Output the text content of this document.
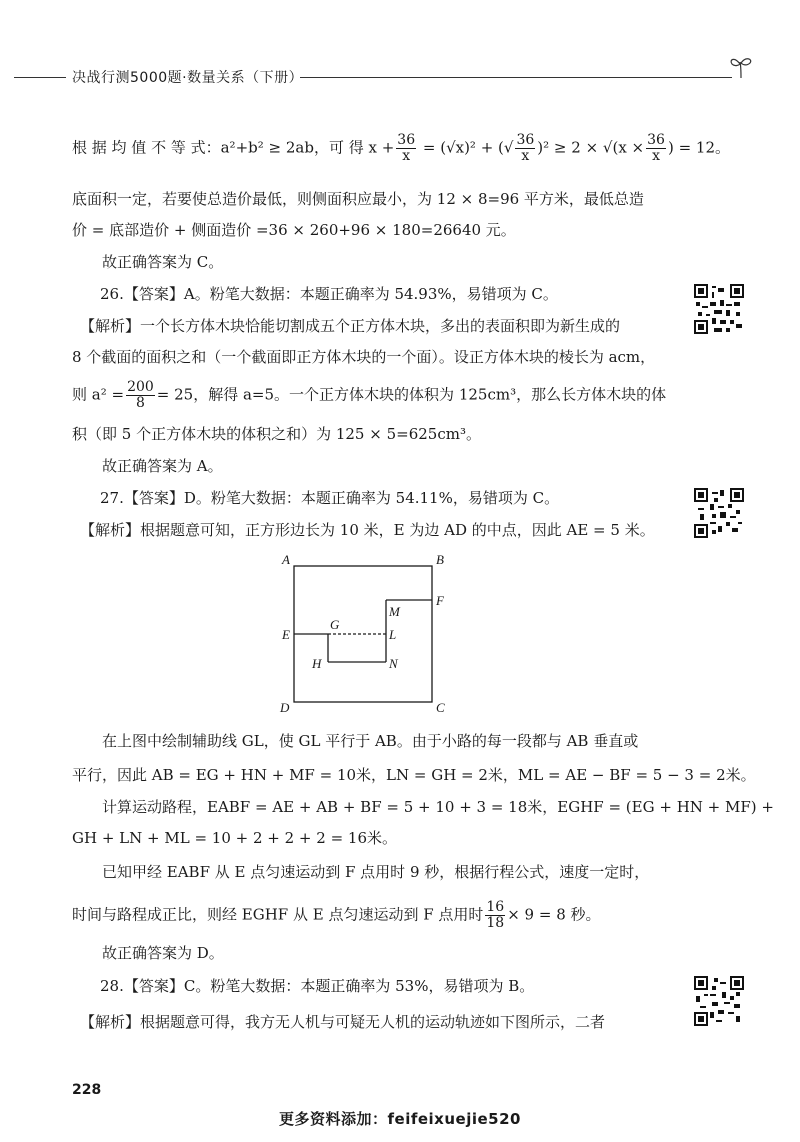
决战行测5000题·数量关系（下册）
根 据 均 值 不 等 式：a²+b² ≥ 2ab，可 得 $x + \frac{36}{x} = (√x)^2$ + (√ $\frac{36}{x} )^2 \ge 2 \times √(x \times \frac{36}{x}$ ) = 12。
底面积一定，若要使总造价最低，则侧面积应最小，为 12 × 8=96 平方米，最低总造
价 = 底部造价 + 侧面造价 =36 × 260+96 × 180=26640 元。
故正确答案为 C。
26.【答案】A。粉笔大数据：本题正确率为 54.93%，易错项为 C。
【解析】一个长方体木块恰能切割成五个正方体木块，多出的表面积即为新生成的
8 个截面的面积之和（一个截面即正方体木块的一个面）。设正方体木块的棱长为 acm，
则 $a^2 = \frac{200}{8} = 25$，解得 a=5。一个正方体木块的体积为 125cm³，那么长方体木块的体
积（即 5 个正方体木块的体积之和）为 125 × 5=625cm³。
故正确答案为 A。
27.【答案】D。粉笔大数据：本题正确率为 54.11%，易错项为 C。
【解析】根据题意可知，正方形边长为 10 米，E 为边 AD 的中点，因此 AE = 5 米。
A	B
C
D
E
F
G
H
L
M
N
在上图中绘制辅助线 GL，使 GL 平行于 AB。由于小路的每一段都与 AB 垂直或
平行，因此 AB = EG + HN + MF = 10米，LN = GH = 2米，ML = AE − BF = 5 − 3 = 2米。
计算运动路程，EABF = AE + AB + BF = 5 + 10 + 3 = 18米，EGHF = (EG + HN + MF) +
GH + LN + ML = 10 + 2 + 2 + 2 = 16米。
已知甲经 EABF 从 E 点匀速运动到 F 点用时 9 秒，根据行程公式，速度一定时，
时间与路程成正比，则经 EGHF 从 E 点匀速运动到 F 点用时 $\frac{16}{18} \times 9 = 8$ 秒。
故正确答案为 D。
28.【答案】C。粉笔大数据：本题正确率为 53%，易错项为 B。
【解析】根据题意可得，我方无人机与可疑无人机的运动轨迹如下图所示，二者
228
更多资料添加：feifeixuejie520
